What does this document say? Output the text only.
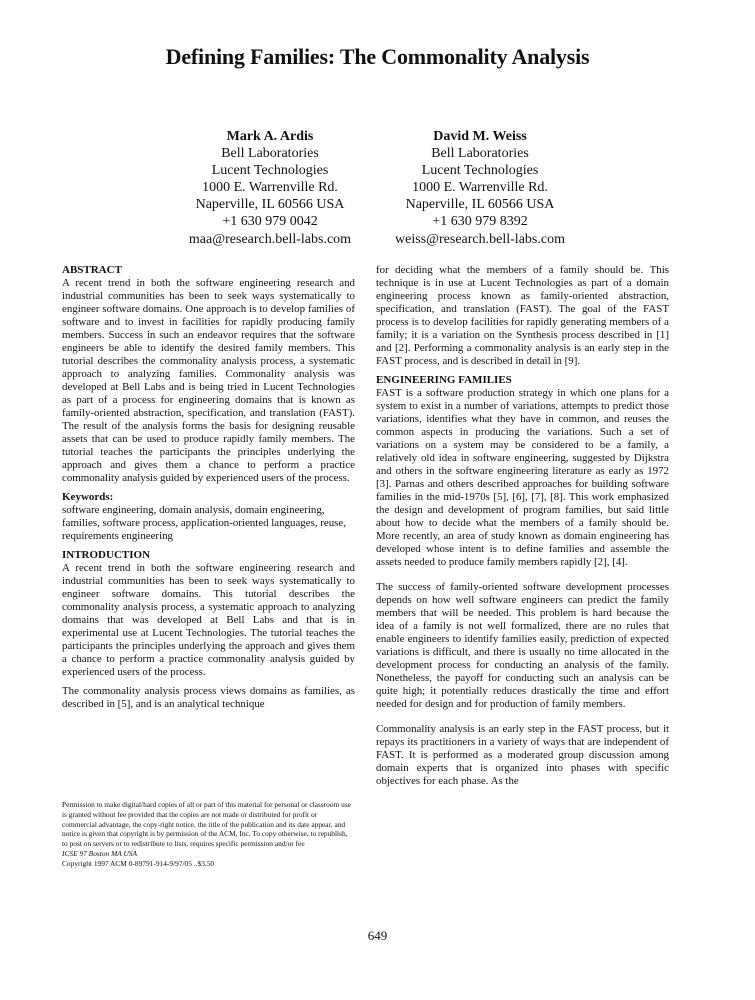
Defining Families: The Commonality Analysis
Mark A. Ardis
Bell Laboratories
Lucent Technologies
1000 E. Warrenville Rd.
Naperville, IL 60566 USA
+1 630 979 0042
maa@research.bell-labs.com
David M. Weiss
Bell Laboratories
Lucent Technologies
1000 E. Warrenville Rd.
Naperville, IL 60566 USA
+1 630 979 8392
weiss@research.bell-labs.com
ABSTRACT

A recent trend in both the software engineering research and industrial communities has been to seek ways systematically to engineer software domains. One approach is to develop families of software and to invest in facilities for rapidly producing family members. Success in such an endeavor requires that the software engineers be able to identify the desired family members. This tutorial describes the commonality analysis process, a systematic approach to analyzing families. Commonality analysis was developed at Bell Labs and is being tried in Lucent Technologies as part of a process for engineering domains that is known as family-oriented abstraction, specification, and translation (FAST). The result of the analysis forms the basis for designing reusable assets that can be used to produce rapidly family members. The tutorial teaches the participants the principles underlying the approach and gives them a chance to perform a practice commonality analysis guided by experienced users of the process.

Keywords:

software engineering, domain analysis, domain engineering, families, software process, application-oriented languages, reuse, requirements engineering

INTRODUCTION

A recent trend in both the software engineering research and industrial communities has been to seek ways systematically to engineer software domains. This tutorial describes the commonality analysis process, a systematic approach to analyzing domains that was developed at Bell Labs and that is in experimental use at Lucent Technologies. The tutorial teaches the participants the principles underlying the approach and gives them a chance to perform a practice commonality analysis guided by experienced users of the process.

The commonality analysis process views domains as families, as described in [5], and is an analytical technique

Permission to make digital/hard copies of all or part of this material for personal or classroom use is granted without fee provided that the copies are not made or distributed for profit or commercial advantage, the copy-right notice, the title of the publication and its date appear, and notice is given that copyright is by permission of the ACM, Inc. To copy otherwise, to republish, to post on servers or to redistribute to lists, requires specific permission and/or fee

ICSE 97 Boston MA USA

Copyright 1997 ACM 0-89791-914-9/97/05 ..$3.50

for deciding what the members of a family should be. This technique is in use at Lucent Technologies as part of a domain engineering process known as family-oriented abstraction, specification, and translation (FAST). The goal of the FAST process is to develop facilities for rapidly generating members of a family; it is a variation on the Synthesis process described in [1] and [2]. Performing a commonality analysis is an early step in the FAST process, and is described in detail in [9].

ENGINEERING FAMILIES

FAST is a software production strategy in which one plans for a system to exist in a number of variations, attempts to predict those variations, identifies what they have in common, and reuses the common aspects in producing the variations. Such a set of variations on a system may be considered to be a family, a relatively old idea in software engineering, suggested by Dijkstra and others in the software engineering literature as early as 1972 [3]. Parnas and others described approaches for building software families in the mid-1970s [5], [6], [7], [8]. This work emphasized the design and development of program families, but said little about how to decide what the members of a family should be. More recently, an area of study known as domain engineering has developed whose intent is to define families and assemble the assets needed to produce family members rapidly [2], [4].

The success of family-oriented software development processes depends on how well software engineers can predict the family members that will be needed. This problem is hard because the idea of a family is not well formalized, there are no rules that enable engineers to identify families easily, prediction of expected variations is difficult, and there is usually no time allocated in the development process for conducting an analysis of the family. Nonetheless, the payoff for conducting such an analysis can be quite high; it potentially reduces drastically the time and effort needed for design and for production of family members.

Commonality analysis is an early step in the FAST process, but it repays its practitioners in a variety of ways that are independent of FAST. It is performed as a moderated group discussion among domain experts that is organized into phases with specific objectives for each phase. As the

649
